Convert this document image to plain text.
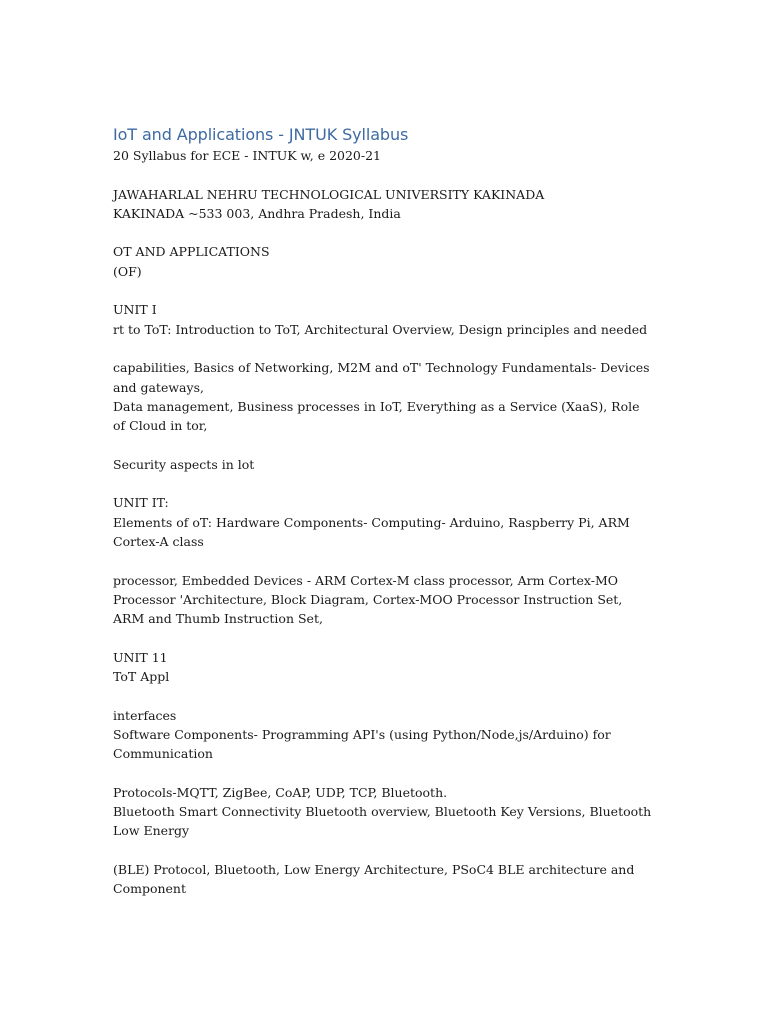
IoT and Applications - JNTUK Syllabus

20 Syllabus for ECE - INTUK w, e 2020-21

JAWAHARLAL NEHRU TECHNOLOGICAL UNIVERSITY KAKINADA

KAKINADA ~533 003, Andhra Pradesh, India

OT AND APPLICATIONS

(OF)

UNIT I

rt to ToT: Introduction to ToT, Architectural Overview, Design principles and needed

capabilities, Basics of Networking, M2M and oT' Technology Fundamentals- Devices and gateways,

Data management, Business processes in IoT, Everything as a Service (XaaS), Role of Cloud in tor,

Security aspects in lot

UNIT IT:

Elements of oT: Hardware Components- Computing- Arduino, Raspberry Pi, ARM Cortex-A class

processor, Embedded Devices - ARM Cortex-M class processor, Arm Cortex-MO Processor 'Architecture, Block Diagram, Cortex-MOO Processor Instruction Set, ARM and Thumb Instruction Set,

UNIT 11

ToT Appl

interfaces

Software Components- Programming API's (using Python/Node,js/Arduino) for Communication

Protocols-MQTT, ZigBee, CoAP, UDP, TCP, Bluetooth.

Bluetooth Smart Connectivity Bluetooth overview, Bluetooth Key Versions, Bluetooth Low Energy

(BLE) Protocol, Bluetooth, Low Energy Architecture, PSoC4 BLE architecture and Component
